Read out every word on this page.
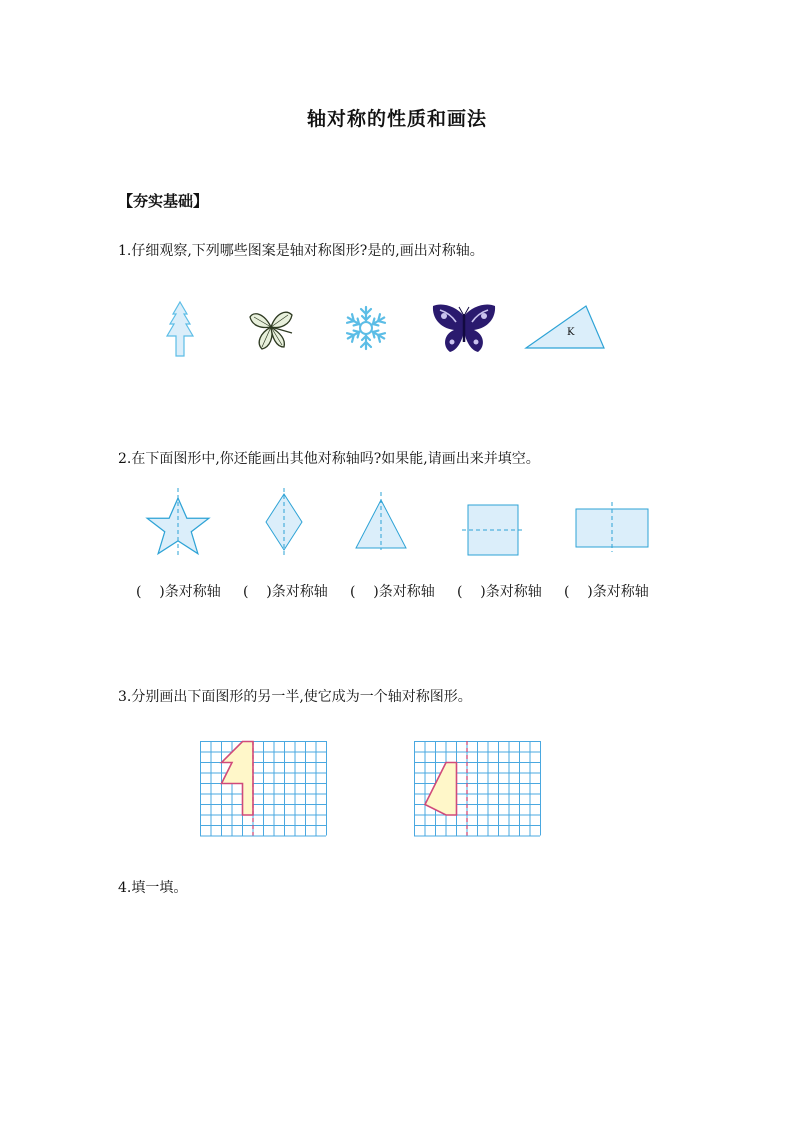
轴对称的性质和画法
【夯实基础】
1.仔细观察,下列哪些图案是轴对称图形?是的,画出对称轴。
K
2.在下面图形中,你还能画出其他对称轴吗?如果能,请画出来并填空。
(    )条对称轴 (    )条对称轴 (    )条对称轴 (    )条对称轴 (    )条对称轴
3.分别画出下面图形的另一半,使它成为一个轴对称图形。
4.填一填。
